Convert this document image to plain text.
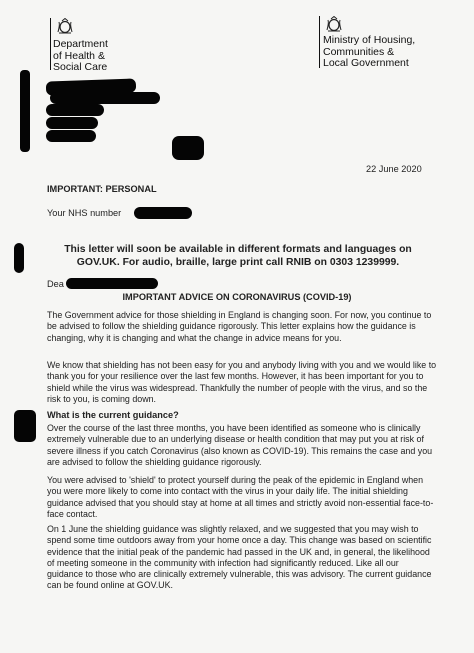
Department
of Health &
Social Care
Ministry of Housing,
Communities &
Local Government
22 June 2020
IMPORTANT: PERSONAL
Your NHS number
This letter will soon be available in different formats and languages on GOV.UK. For audio, braille, large print call RNIB on 0303 1239999.
Dea
IMPORTANT ADVICE ON CORONAVIRUS (COVID-19)
The Government advice for those shielding in England is changing soon. For now, you continue to be advised to follow the shielding guidance rigorously. This letter explains how the guidance is changing, why it is changing and what the change in advice means for you.
We know that shielding has not been easy for you and anybody living with you and we would like to thank you for your resilience over the last few months. However, it has been important for you to shield while the virus was widespread. Thankfully the number of people with the virus, and so the risk to you, is coming down.
What is the current guidance?
Over the course of the last three months, you have been identified as someone who is clinically extremely vulnerable due to an underlying disease or health condition that may put you at risk of severe illness if you catch Coronavirus (also known as COVID-19). This remains the case and you are advised to follow the shielding guidance rigorously.
You were advised to 'shield' to protect yourself during the peak of the epidemic in England when you were more likely to come into contact with the virus in your daily life. The initial shielding guidance advised that you should stay at home at all times and strictly avoid non-essential face-to-face contact.
On 1 June the shielding guidance was slightly relaxed, and we suggested that you may wish to spend some time outdoors away from your home once a day. This change was based on scientific evidence that the initial peak of the pandemic had passed in the UK and, in general, the likelihood of meeting someone in the community with infection had significantly reduced. Like all our guidance to those who are clinically extremely vulnerable, this was advisory. The current guidance can be found online at GOV.UK.
